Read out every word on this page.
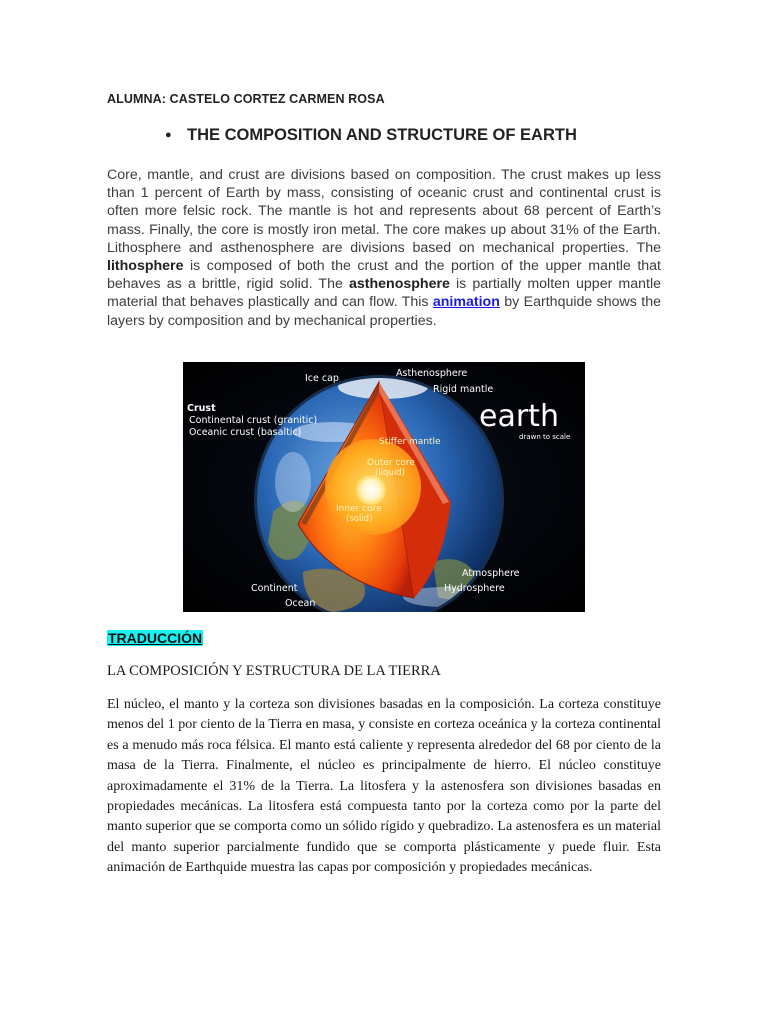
ALUMNA: CASTELO CORTEZ CARMEN ROSA
● THE COMPOSITION AND STRUCTURE OF EARTH
Core, mantle, and crust are divisions based on composition. The crust makes up less than 1 percent of Earth by mass, consisting of oceanic crust and continental crust is often more felsic rock. The mantle is hot and represents about 68 percent of Earth’s mass. Finally, the core is mostly iron metal. The core makes up about 31% of the Earth. Lithosphere and asthenosphere are divisions based on mechanical properties. The lithosphere is composed of both the crust and the portion of the upper mantle that behaves as a brittle, rigid solid. The asthenosphere is partially molten upper mantle material that behaves plastically and can flow. This animation by Earthquide shows the layers by composition and by mechanical properties.
Ice cap	Asthenosphere
Rigid mantle
Crust
Continental crust (granitic)
Oceanic crust (basaltic)	earth
drawn to scale
Stiffer mantle
Outer core
(liquid)
Inner core
(solid)
Atmosphere
Hydrosphere
Continent
Ocean
TRADUCCIÓN
LA COMPOSICIÓN Y ESTRUCTURA DE LA TIERRA
El núcleo, el manto y la corteza son divisiones basadas en la composición. La corteza constituye menos del 1 por ciento de la Tierra en masa, y consiste en corteza oceánica y la corteza continental es a menudo más roca félsica. El manto está caliente y representa alrededor del 68 por ciento de la masa de la Tierra. Finalmente, el núcleo es principalmente de hierro. El núcleo constituye aproximadamente el 31% de la Tierra. La litosfera y la astenosfera son divisiones basadas en propiedades mecánicas. La litosfera está compuesta tanto por la corteza como por la parte del manto superior que se comporta como un sólido rígido y quebradizo. La astenosfera es un material del manto superior parcialmente fundido que se comporta plásticamente y puede fluir. Esta animación de Earthquide muestra las capas por composición y propiedades mecánicas.
